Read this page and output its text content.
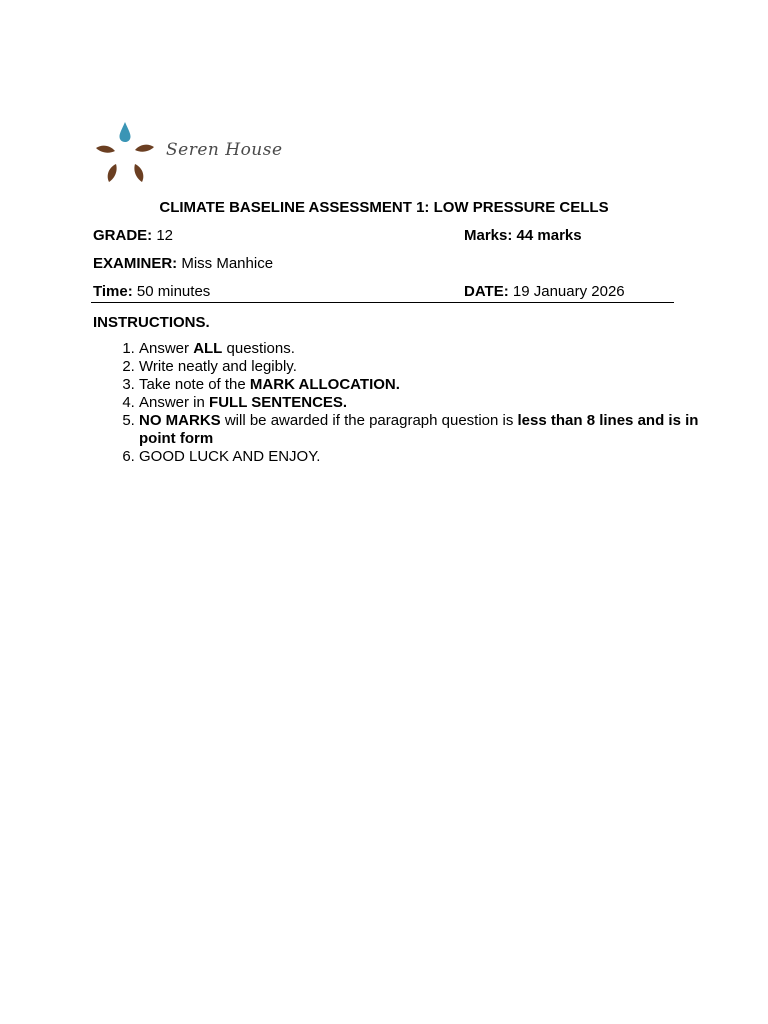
Seren House
CLIMATE BASELINE ASSESSMENT 1: LOW PRESSURE CELLS
GRADE: 12	Marks: 44 marks
EXAMINER: Miss Manhice
Time: 50 minutes	DATE: 19 January 2026
INSTRUCTIONS.
1. Answer ALL questions.
2. Write neatly and legibly.
3. Take note of the MARK ALLOCATION.
4. Answer in FULL SENTENCES.
5. NO MARKS will be awarded if the paragraph question is less than 8 lines and is in point form
6. GOOD LUCK AND ENJOY.
